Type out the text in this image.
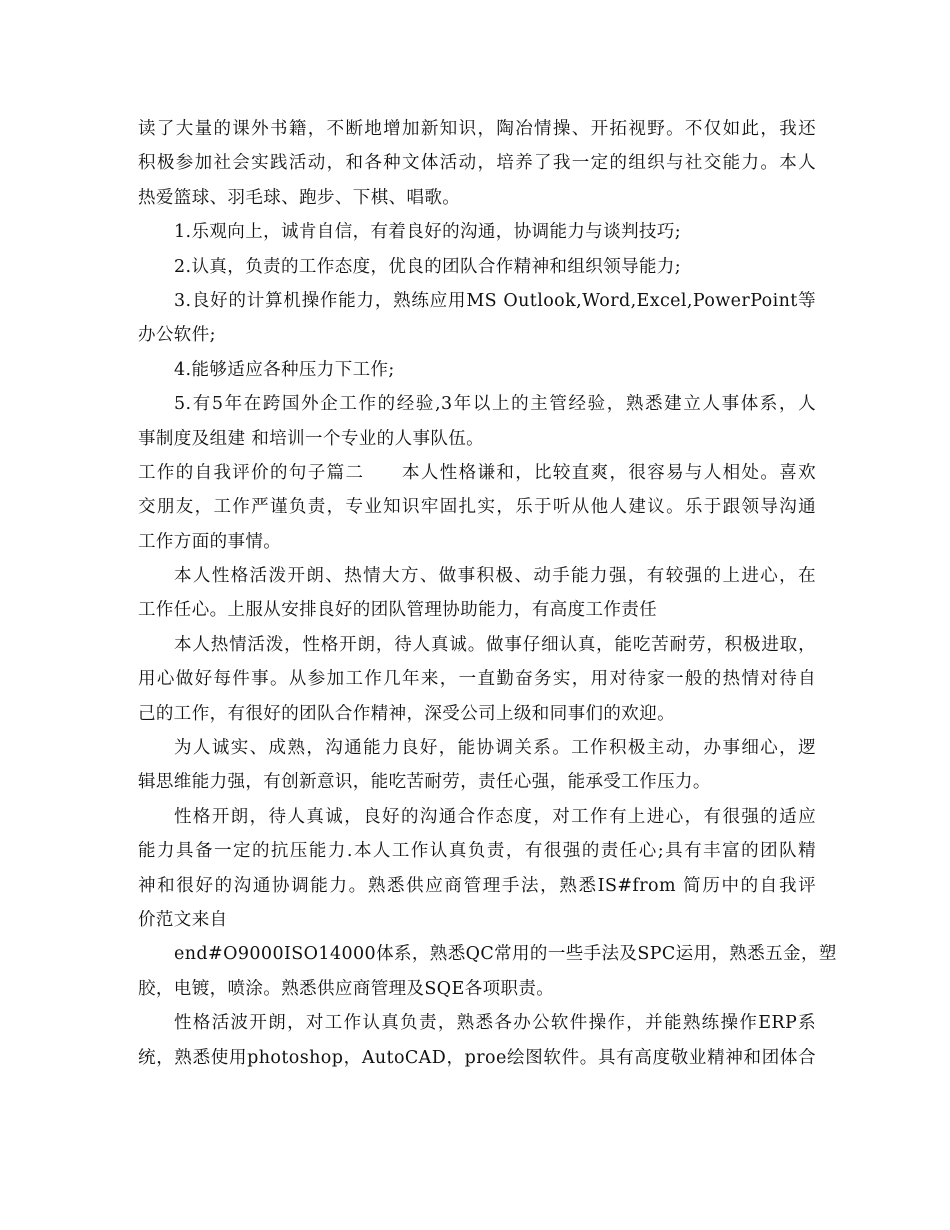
读了大量的课外书籍，不断地增加新知识，陶冶情操、开拓视野。不仅如此，我还
积极参加社会实践活动，和各种文体活动，培养了我一定的组织与社交能力。本人
热爱篮球、羽毛球、跑步、下棋、唱歌。
1.乐观向上，诚肯自信，有着良好的沟通，协调能力与谈判技巧;
2.认真，负责的工作态度，优良的团队合作精神和组织领导能力;
3.良好的计算机操作能力，熟练应用MS Outlook,Word,Excel,PowerPoint等
办公软件;
4.能够适应各种压力下工作;
5.有5年在跨国外企工作的经验,3年以上的主管经验，熟悉建立人事体系，人
事制度及组建 和培训一个专业的人事队伍。
工作的自我评价的句子篇二　　本人性格谦和，比较直爽，很容易与人相处。喜欢
交朋友，工作严谨负责，专业知识牢固扎实，乐于听从他人建议。乐于跟领导沟通
工作方面的事情。
本人性格活泼开朗、热情大方、做事积极、动手能力强，有较强的上进心，在
工作任心。上服从安排良好的团队管理协助能力，有高度工作责任
本人热情活泼，性格开朗，待人真诚。做事仔细认真，能吃苦耐劳，积极进取，
用心做好每件事。从参加工作几年来，一直勤奋务实，用对待家一般的热情对待自
己的工作，有很好的团队合作精神，深受公司上级和同事们的欢迎。
为人诚实、成熟，沟通能力良好，能协调关系。工作积极主动，办事细心，逻
辑思维能力强，有创新意识，能吃苦耐劳，责任心强，能承受工作压力。
性格开朗，待人真诚，良好的沟通合作态度，对工作有上进心，有很强的适应
能力具备一定的抗压能力.本人工作认真负责，有很强的责任心;具有丰富的团队精
神和很好的沟通协调能力。熟悉供应商管理手法，熟悉IS#from 简历中的自我评
价范文来自
end#O9000ISO14000体系，熟悉QC常用的一些手法及SPC运用，熟悉五金，塑
胶，电镀，喷涂。熟悉供应商管理及SQE各项职责。
性格活波开朗，对工作认真负责，熟悉各办公软件操作，并能熟练操作ERP系
统，熟悉使用photoshop，AutoCAD，proe绘图软件。具有高度敬业精神和团体合
